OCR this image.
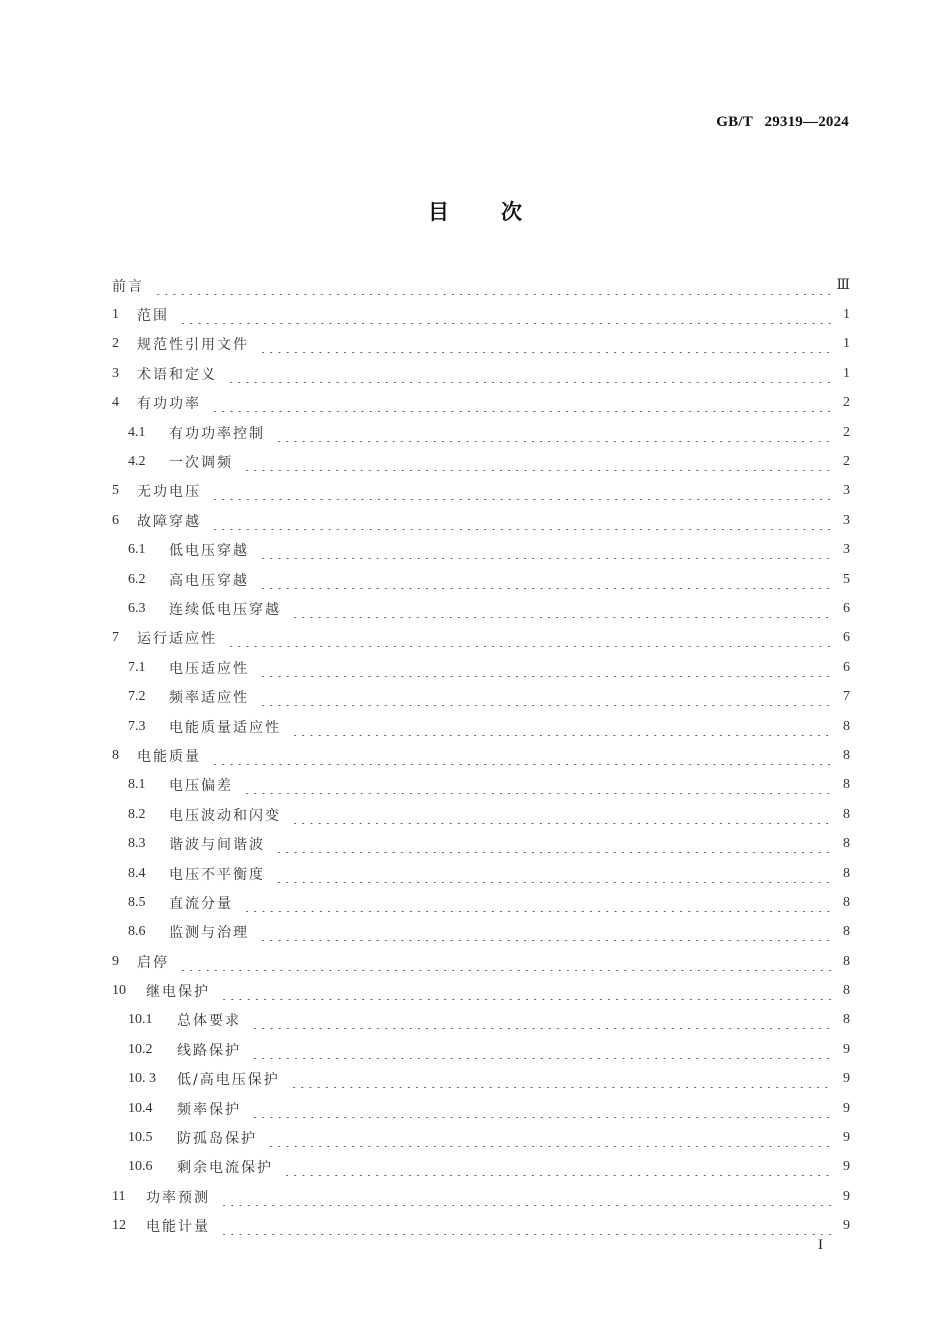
GB/T   29319—2024
目 次
前言	Ⅲ
1	范围	1
2	规范性引用文件	1
3	术语和定义	1
4	有功功率	2
4.1	有功功率控制	2
4.2	一次调频	2
5	无功电压	3
6	故障穿越	3
6.1	低电压穿越	3
6.2	高电压穿越	5
6.3	连续低电压穿越	6
7	运行适应性	6
7.1	电压适应性	6
7.2	频率适应性	7
7.3	电能质量适应性	8
8	电能质量	8
8.1	电压偏差	8
8.2	电压波动和闪变	8
8.3	谐波与间谐波	8
8.4	电压不平衡度	8
8.5	直流分量	8
8.6	监测与治理	8
9	启停	8
10	继电保护	8
10.1	总体要求	8
10.2	线路保护	9
10. 3	低/高电压保护	9
10.4	频率保护	9
10.5	防孤岛保护	9
10.6	剩余电流保护	9
11	功率预测	9
12	电能计量	9
I
